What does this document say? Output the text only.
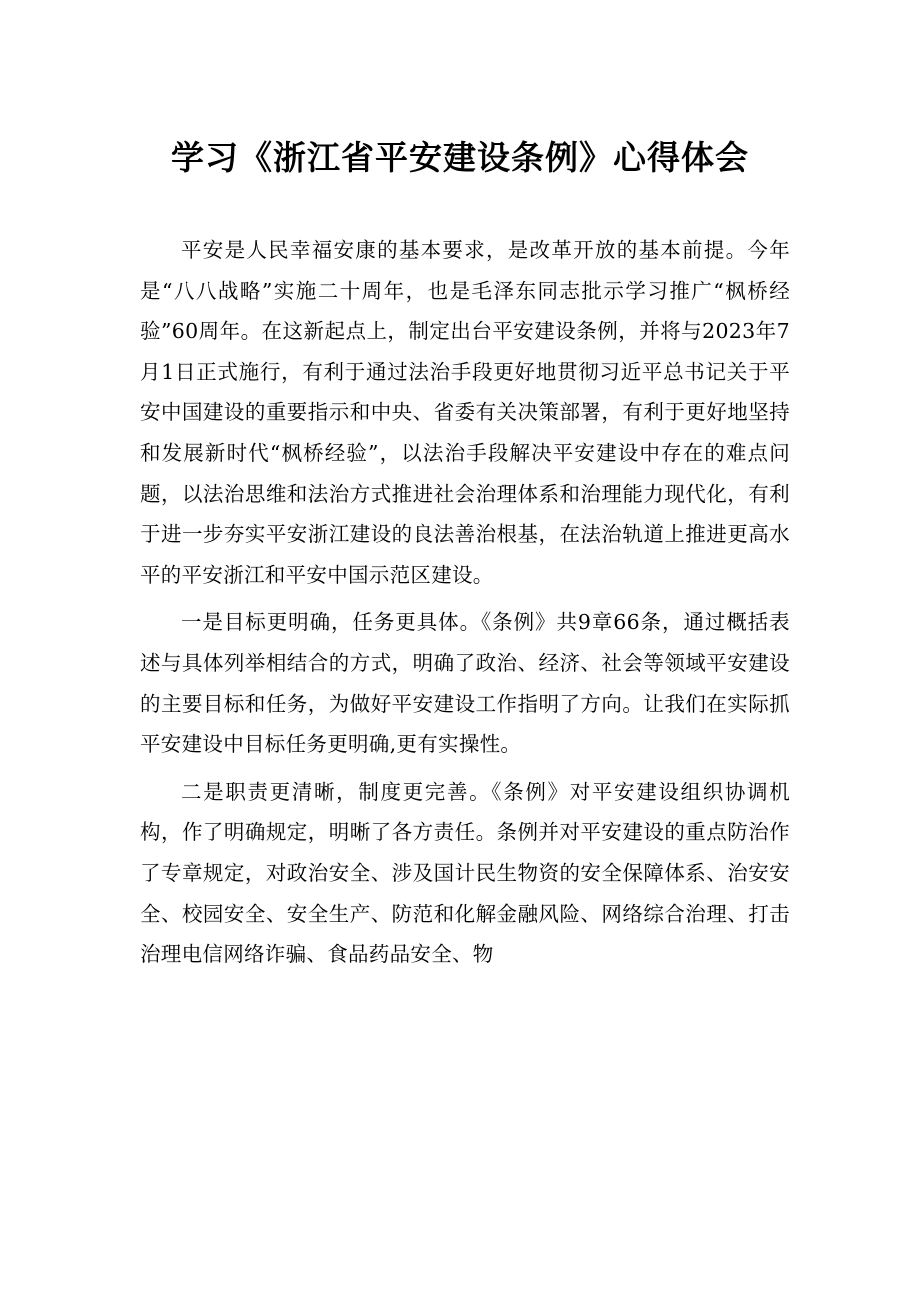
学习《浙江省平安建设条例》心得体会

平安是人民幸福安康的基本要求，是改革开放的基本前提。今年是“八八战略”实施二十周年，也是毛泽东同志批示学习推广“枫桥经验”60周年。在这新起点上，制定出台平安建设条例，并将与2023年7月1日正式施行，有利于通过法治手段更好地贯彻习近平总书记关于平安中国建设的重要指示和中央、省委有关决策部署，有利于更好地坚持和发展新时代“枫桥经验”，以法治手段解决平安建设中存在的难点问题，以法治思维和法治方式推进社会治理体系和治理能力现代化，有利于进一步夯实平安浙江建设的良法善治根基，在法治轨道上推进更高水平的平安浙江和平安中国示范区建设。

一是目标更明确，任务更具体。《条例》共9章66条，通过概括表述与具体列举相结合的方式，明确了政治、经济、社会等领域平安建设的主要目标和任务，为做好平安建设工作指明了方向。让我们在实际抓平安建设中目标任务更明确,更有实操性。

二是职责更清晰，制度更完善。《条例》对平安建设组织协调机构，作了明确规定，明晰了各方责任。条例并对平安建设的重点防治作了专章规定，对政治安全、涉及国计民生物资的安全保障体系、治安安全、校园安全、安全生产、防范和化解金融风险、网络综合治理、打击治理电信网络诈骗、食品药品安全、物
